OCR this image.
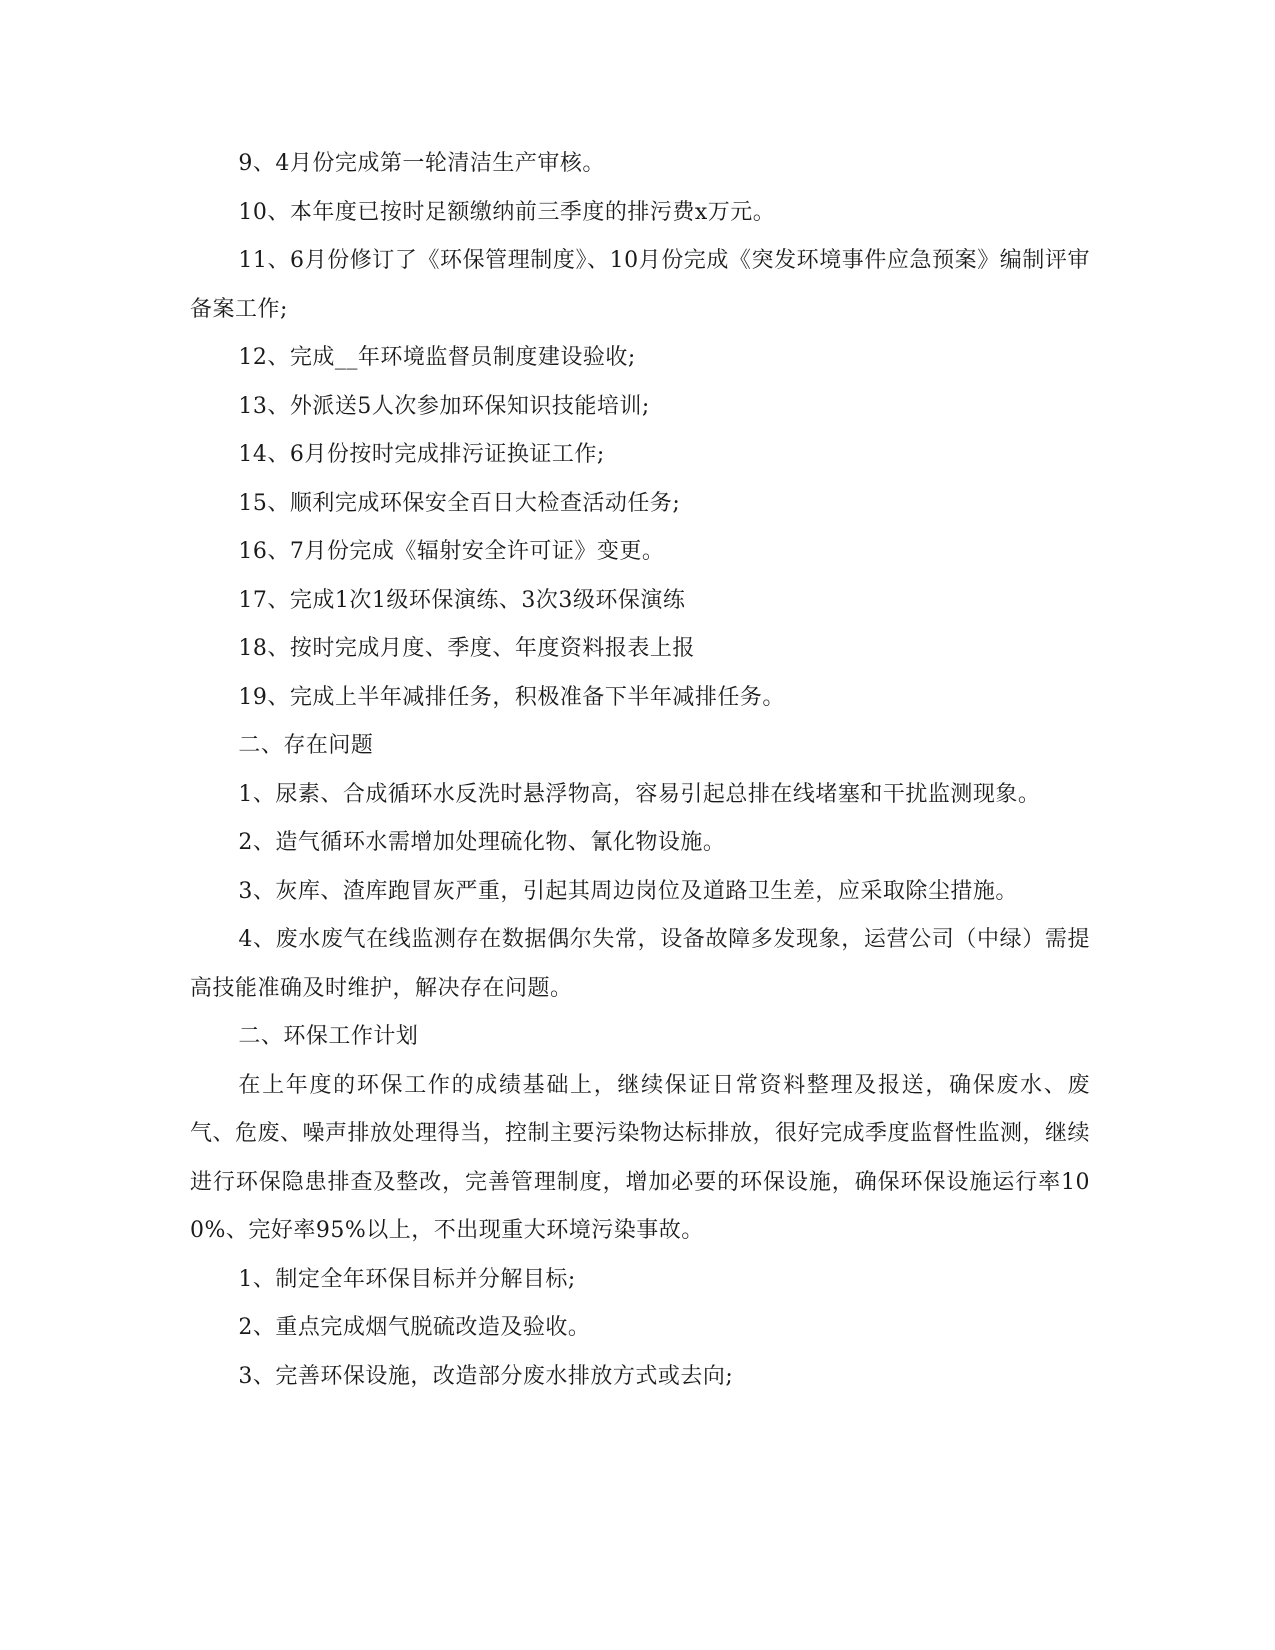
9、4月份完成第一轮清洁生产审核。

10、本年度已按时足额缴纳前三季度的排污费x万元。

11、6月份修订了《环保管理制度》、10月份完成《突发环境事件应急预案》编制评审备案工作;

12、完成__年环境监督员制度建设验收;

13、外派送5人次参加环保知识技能培训;

14、6月份按时完成排污证换证工作;

15、顺利完成环保安全百日大检查活动任务;

16、7月份完成《辐射安全许可证》变更。

17、完成1次1级环保演练、3次3级环保演练

18、按时完成月度、季度、年度资料报表上报

19、完成上半年减排任务，积极准备下半年减排任务。

二、存在问题

1、尿素、合成循环水反洗时悬浮物高，容易引起总排在线堵塞和干扰监测现象。

2、造气循环水需增加处理硫化物、氰化物设施。

3、灰库、渣库跑冒灰严重，引起其周边岗位及道路卫生差，应采取除尘措施。

4、废水废气在线监测存在数据偶尔失常，设备故障多发现象，运营公司（中绿）需提高技能准确及时维护，解决存在问题。

二、环保工作计划

在上年度的环保工作的成绩基础上，继续保证日常资料整理及报送，确保废水、废气、危废、噪声排放处理得当，控制主要污染物达标排放，很好完成季度监督性监测，继续进行环保隐患排查及整改，完善管理制度，增加必要的环保设施，确保环保设施运行率100%、完好率95%以上，不出现重大环境污染事故。

1、制定全年环保目标并分解目标;

2、重点完成烟气脱硫改造及验收。

3、完善环保设施，改造部分废水排放方式或去向;
